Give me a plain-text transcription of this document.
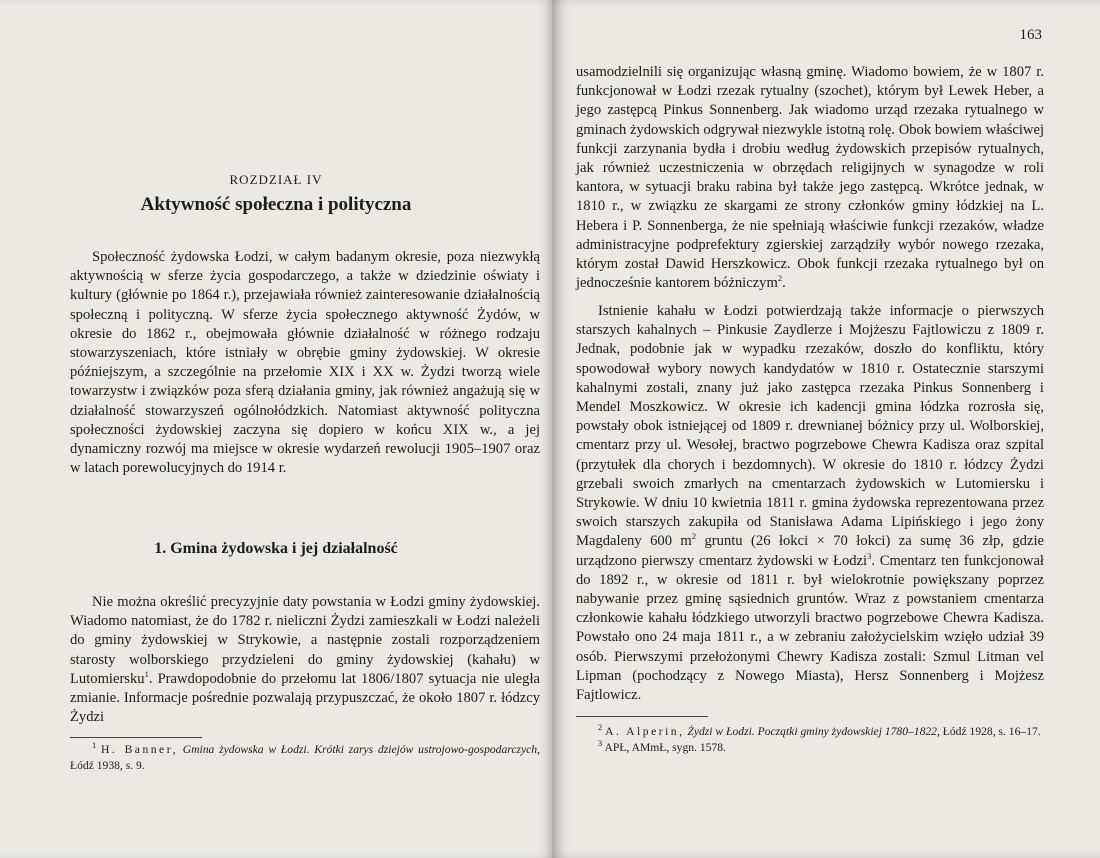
ROZDZIAŁ IV
Aktywność społeczna i polityczna

Społeczność żydowska Łodzi, w całym badanym okresie, poza niezwykłą aktywnością w sferze życia gospodarczego, a także w dziedzinie oświaty i kultury (głównie po 1864 r.), przejawiała również zainteresowanie działalnością społeczną i polityczną. W sferze życia społecznego aktywność Żydów, w okresie do 1862 r., obejmowała głównie działalność w różnego rodzaju stowarzyszeniach, które istniały w obrębie gminy żydowskiej. W okresie późniejszym, a szczególnie na przełomie XIX i XX w. Żydzi tworzą wiele towarzystw i związków poza sferą działania gminy, jak również angażują się w działalność stowarzyszeń ogólnołódzkich. Natomiast aktywność polityczna społeczności żydowskiej zaczyna się dopiero w końcu XIX w., a jej dynamiczny rozwój ma miejsce w okresie wydarzeń rewolucji 1905–1907 oraz w latach porewolucyjnych do 1914 r.

1. Gmina żydowska i jej działalność

Nie można określić precyzyjnie daty powstania w Łodzi gminy żydowskiej. Wiadomo natomiast, że do 1782 r. nieliczni Żydzi zamieszkali w Łodzi należeli do gminy żydowskiej w Strykowie, a następnie zostali rozporządzeniem starosty wolborskiego przydzieleni do gminy żydowskiej (kahału) w Lutomiersku$^1$. Prawdopodobnie do przełomu lat 1806/1807 sytuacja nie uległa zmianie. Informacje pośrednie pozwalają przypuszczać, że około 1807 r. łódzcy Żydzi

$^1$ H. Banner, Gmina żydowska w Łodzi. Krótki zarys dziejów ustrojowo-gospodarczych, Łódź 1938, s. 9.

163

usamodzielnili się organizując własną gminę. Wiadomo bowiem, że w 1807 r. funkcjonował w Łodzi rzezak rytualny (szochet), którym był Lewek Heber, a jego zastępcą Pinkus Sonnenberg. Jak wiadomo urząd rzezaka rytualnego w gminach żydowskich odgrywał niezwykle istotną rolę. Obok bowiem właściwej funkcji zarzynania bydła i drobiu według żydowskich przepisów rytualnych, jak również uczestniczenia w obrzędach religijnych w synagodze w roli kantora, w sytuacji braku rabina był także jego zastępcą. Wkrótce jednak, w 1810 r., w związku ze skargami ze strony członków gminy łódzkiej na L. Hebera i P. Sonnenberga, że nie spełniają właściwie funkcji rzezaków, władze administracyjne podprefektury zgierskiej zarządziły wybór nowego rzezaka, którym został Dawid Herszkowicz. Obok funkcji rzezaka rytualnego był on jednocześnie kantorem bóżniczym$^2$.

Istnienie kahału w Łodzi potwierdzają także informacje o pierwszych starszych kahalnych – Pinkusie Zaydlerze i Mojżeszu Fajtlowiczu z 1809 r. Jednak, podobnie jak w wypadku rzezaków, doszło do konfliktu, który spowodował wybory nowych kandydatów w 1810 r. Ostatecznie starszymi kahalnymi zostali, znany już jako zastępca rzezaka Pinkus Sonnenberg i Mendel Moszkowicz. W okresie ich kadencji gmina łódzka rozrosła się, powstały obok istniejącej od 1809 r. drewnianej bóżnicy przy ul. Wolborskiej, cmentarz przy ul. Wesołej, bractwo pogrzebowe Chewra Kadisza oraz szpital (przytułek dla chorych i bezdomnych). W okresie do 1810 r. łódzcy Żydzi grzebali swoich zmarłych na cmentarzach żydowskich w Lutomiersku i Strykowie. W dniu 10 kwietnia 1811 r. gmina żydowska reprezentowana przez swoich starszych zakupiła od Stanisława Adama Lipińskiego i jego żony Magdaleny 600 $m^2$ gruntu (26 łokci × 70 łokci) za sumę 36 złp, gdzie urządzono pierwszy cmentarz żydowski w Łodzi$^3$. Cmentarz ten funkcjonował do 1892 r., w okresie od 1811 r. był wielokrotnie powiększany poprzez nabywanie przez gminę sąsiednich gruntów. Wraz z powstaniem cmentarza członkowie kahału łódzkiego utworzyli bractwo pogrzebowe Chewra Kadisza. Powstało ono 24 maja 1811 r., a w zebraniu założycielskim wzięło udział 39 osób. Pierwszymi przełożonymi Chewry Kadisza zostali: Szmul Litman vel Lipman (pochodzący z Nowego Miasta), Hersz Sonnenberg i Mojżesz Fajtlowicz.

$^2$ A. Alperin, Żydzi w Łodzi. Początki gminy żydowskiej 1780–1822, Łódź 1928, s. 16–17.

$^3$ APŁ, AMmŁ, sygn. 1578.
